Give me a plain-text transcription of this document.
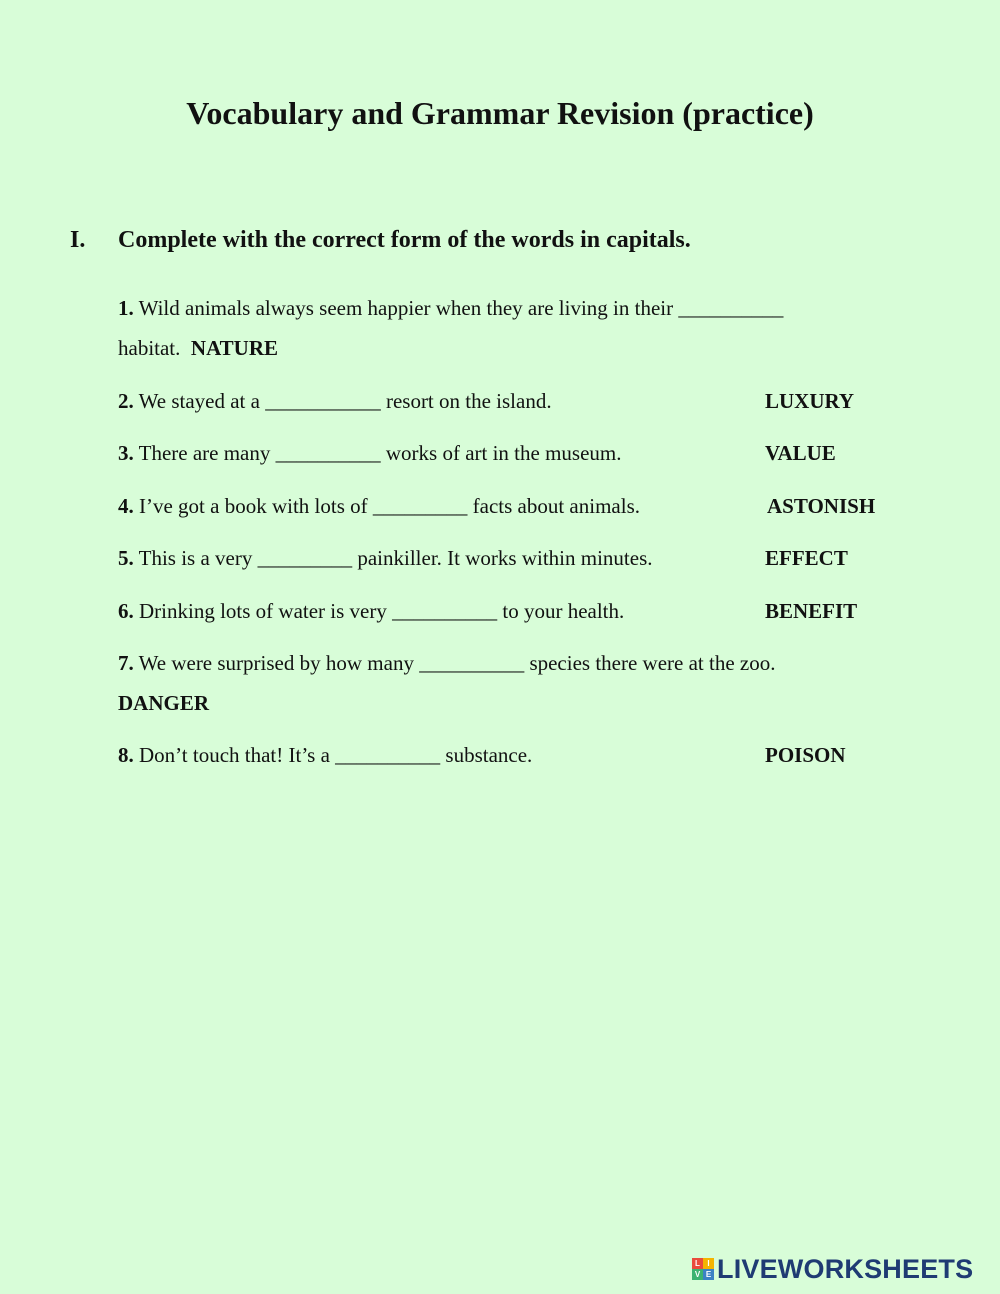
Vocabulary and Grammar Revision (practice)
I. Complete with the correct form of the words in capitals.
1. Wild animals always seem happier when they are living in their __________
habitat. NATURE
2. We stayed at a ___________ resort on the island.	LUXURY
3. There are many __________ works of art in the museum.	VALUE
4. I’ve got a book with lots of _________ facts about animals.	ASTONISH
5. This is a very _________ painkiller. It works within minutes.	EFFECT
6. Drinking lots of water is very __________ to your health.	BENEFIT
7. We were surprised by how many __________ species there were at the zoo.
DANGER
8. Don’t touch that! It’s a __________ substance.	POISON
L I
V E LIVEWORKSHEETS
